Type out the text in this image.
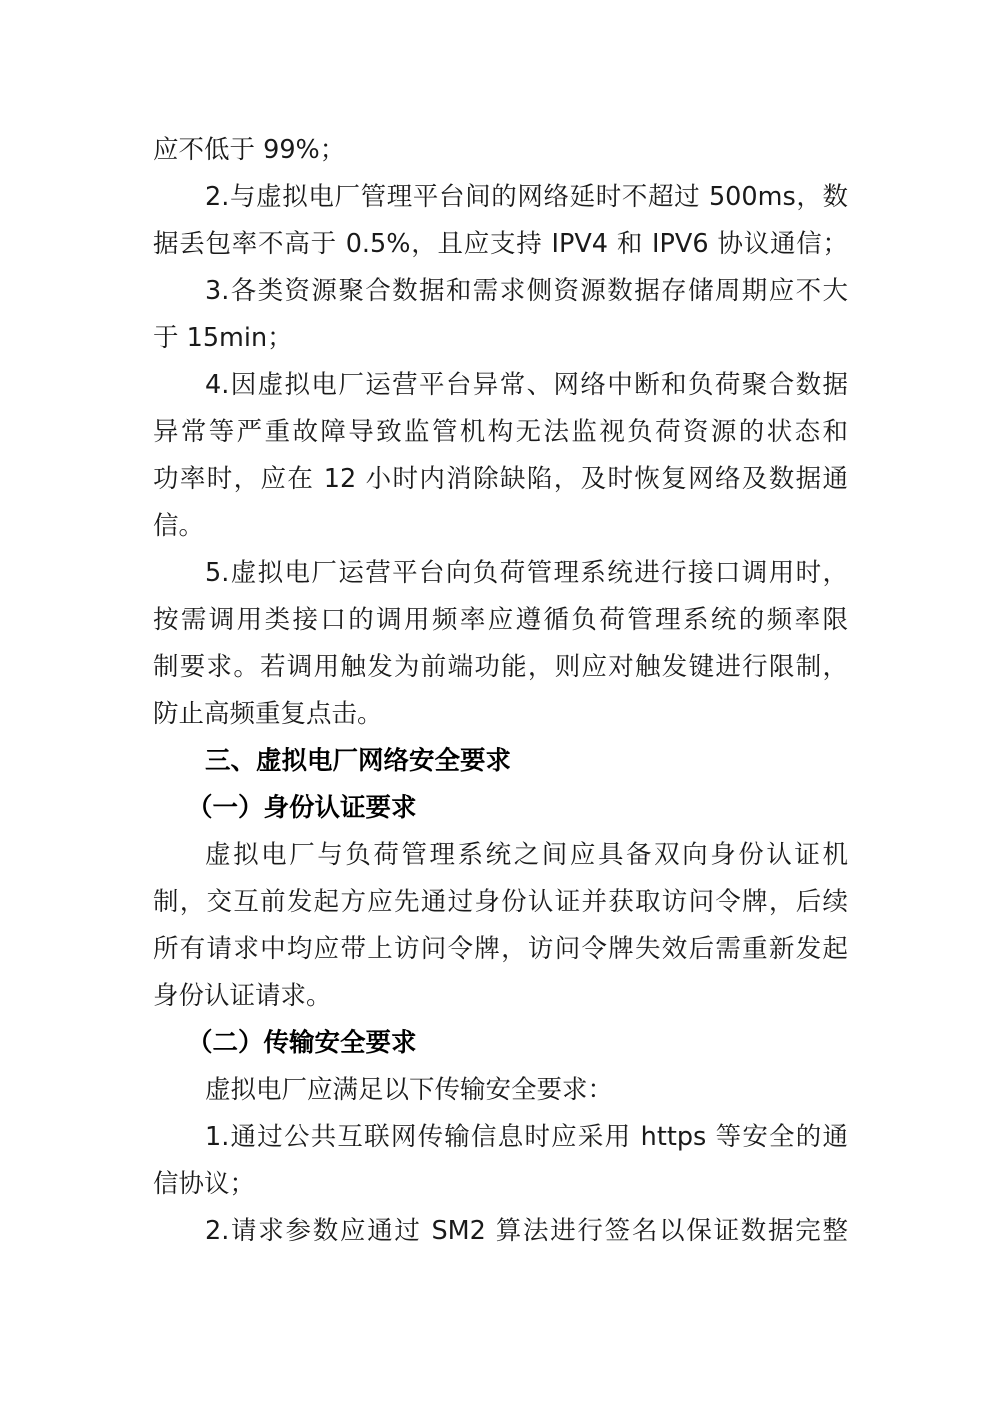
应不低于 99%；
2.与虚拟电厂管理平台间的网络延时不超过 500ms，数
据丢包率不高于 0.5%，且应支持 IPV4 和 IPV6 协议通信；
3.各类资源聚合数据和需求侧资源数据存储周期应不大
于 15min；
4.因虚拟电厂运营平台异常、网络中断和负荷聚合数据
异常等严重故障导致监管机构无法监视负荷资源的状态和
功率时，应在 12 小时内消除缺陷，及时恢复网络及数据通
信。
5.虚拟电厂运营平台向负荷管理系统进行接口调用时，
按需调用类接口的调用频率应遵循负荷管理系统的频率限
制要求。若调用触发为前端功能，则应对触发键进行限制，
防止高频重复点击。
三、虚拟电厂网络安全要求
（一）身份认证要求
虚拟电厂与负荷管理系统之间应具备双向身份认证机
制，交互前发起方应先通过身份认证并获取访问令牌，后续
所有请求中均应带上访问令牌，访问令牌失效后需重新发起
身份认证请求。
（二）传输安全要求
虚拟电厂应满足以下传输安全要求：
1.通过公共互联网传输信息时应采用 https 等安全的通
信协议；
2.请求参数应通过 SM2 算法进行签名以保证数据完整
